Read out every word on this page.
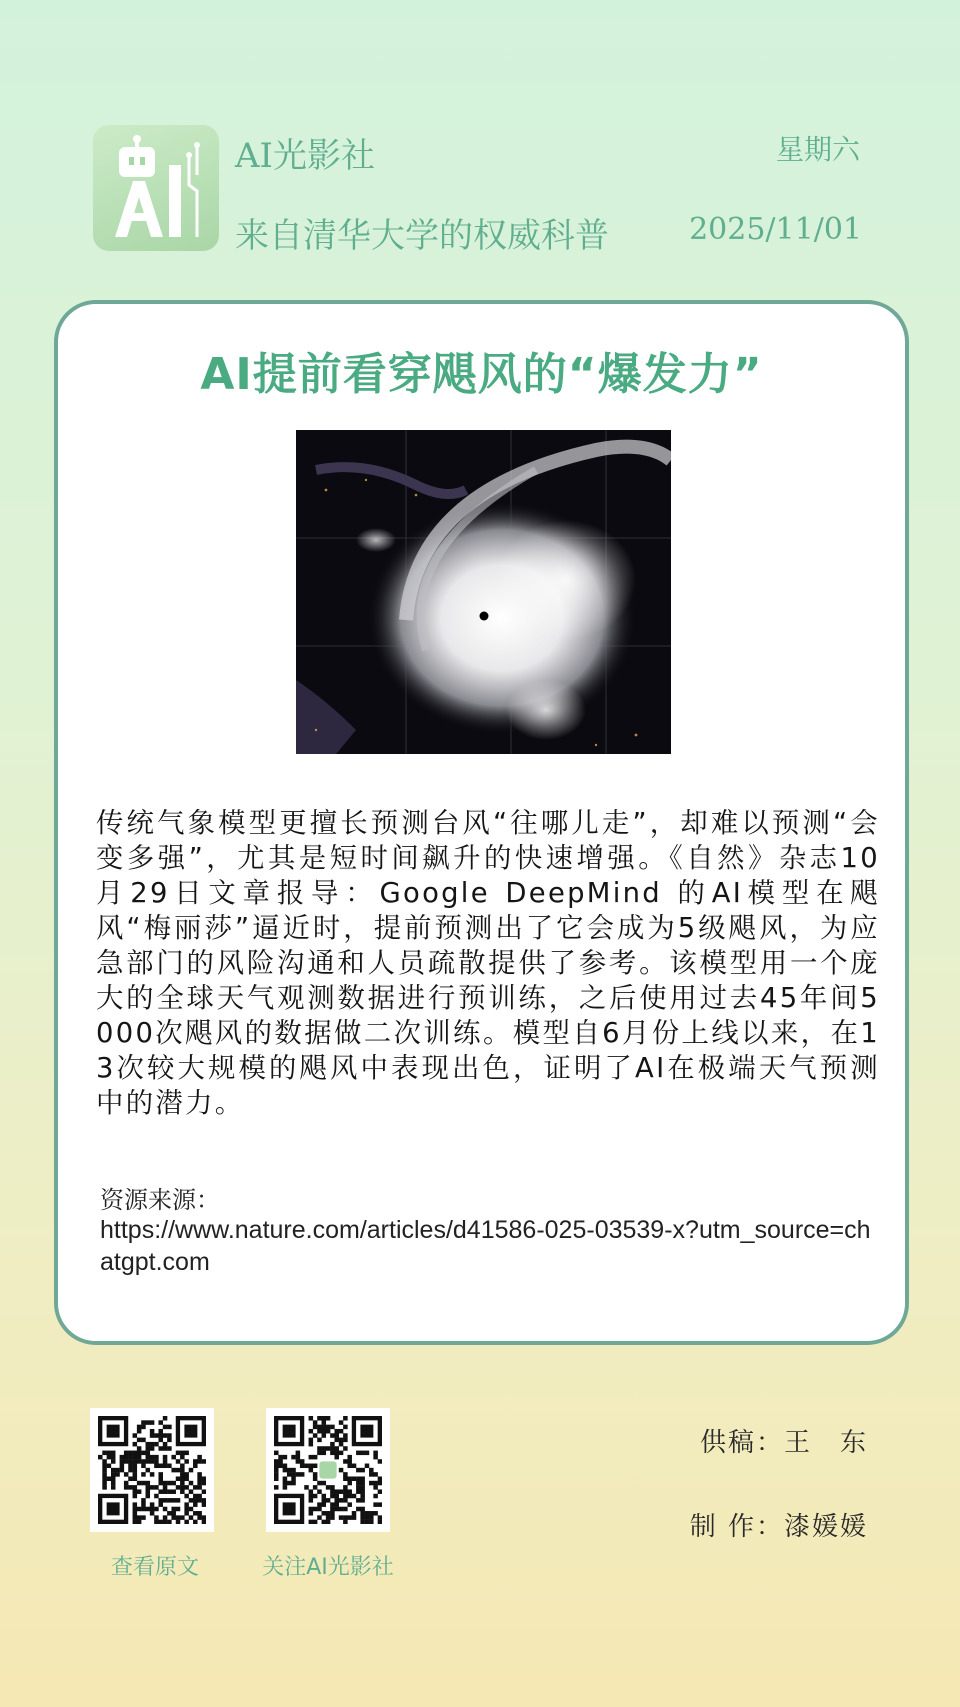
AI光影社
来自清华大学的权威科普
星期六
2025/11/01
AI提前看穿飓风的“爆发力”
传统气象模型更擅长预测台风“往哪儿走”，却难以预测“会变多强”，尤其是短时间飙升的快速增强。《自然》杂志10月29日文章报导：Google DeepMind 的AI模型在飓风“梅丽莎”逼近时，提前预测出了它会成为5级飓风，为应急部门的风险沟通和人员疏散提供了参考。该模型用一个庞大的全球天气观测数据进行预训练，之后使用过去45年间5000次飓风的数据做二次训练。模型自6月份上线以来，在13次较大规模的飓风中表现出色，证明了AI在极端天气预测中的潜力。
资源来源：
https://www.nature.com/articles/d41586-025-03539-x?utm_source=chatgpt.com
查看原文	关注AI光影社
供稿：王　东
制 作：漆媛媛
